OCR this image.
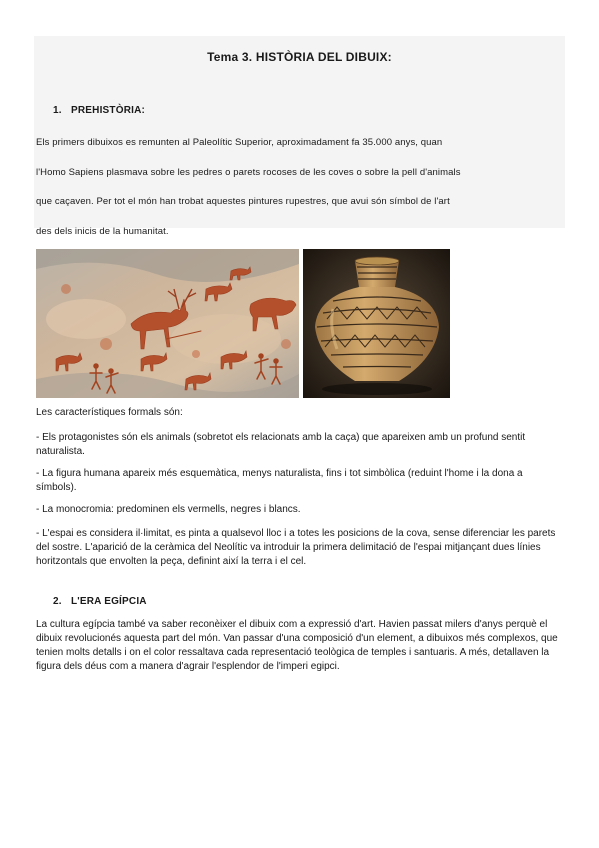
Tema 3. HISTÒRIA DEL DIBUIX:
1. PREHISTÒRIA:

Els primers dibuixos es remunten al Paleolític Superior, aproximadament fa 35.000 anys, quan

l'Homo Sapiens plasmava sobre les pedres o parets rocoses de les coves o sobre la pell d'animals

que caçaven. Per tot el món han trobat aquestes pintures rupestres, que avui són símbol de l'art

des dels inicis de la humanitat.

Les característiques formals són:
- Els protagonistes són els animals (sobretot els relacionats amb la caça) que apareixen amb un profund sentit naturalista.
- La figura humana apareix més esquemàtica, menys naturalista, fins i tot simbòlica (reduint l'home i la dona a símbols).
- La monocromia: predominen els vermells, negres i blancs.
- L'espai es considera il·limitat, es pinta a qualsevol lloc i a totes les posicions de la cova, sense diferenciar les parets del sostre. L'aparició de la ceràmica del Neolític va introduir la primera delimitació de l'espai mitjançant dues línies horitzontals que envolten la peça, definint així la terra i el cel.
2. L'ERA EGÍPCIA
La cultura egípcia també va saber reconèixer el dibuix com a expressió d'art. Havien passat milers d'anys perquè el dibuix revolucionés aquesta part del món. Van passar d'una composició d'un element, a dibuixos més complexos, que tenien molts detalls i on el color ressaltava cada representació teològica de temples i santuaris. A més, detallaven la figura dels déus com a manera d'agrair l'esplendor de l'imperi egipci.
